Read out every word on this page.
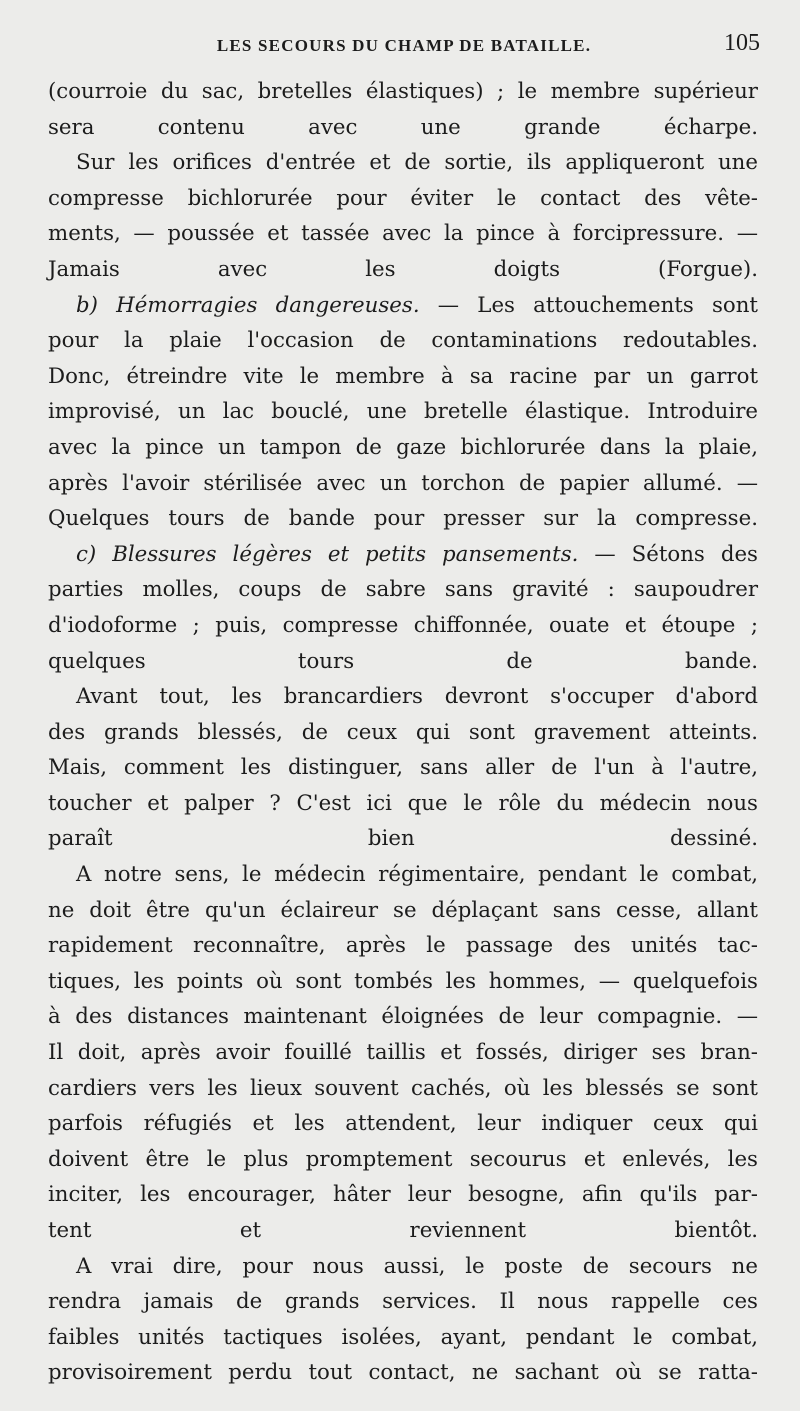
LES SECOURS DU CHAMP DE BATAILLE.	105

(courroie du sac, bretelles élastiques) ; le membre supérieur
sera contenu avec une grande écharpe.

Sur les orifices d'entrée et de sortie, ils appliqueront une
compresse bichlorurée pour éviter le contact des vête-
ments, — poussée et tassée avec la pince à forcipressure. —
Jamais avec les doigts (Forgue).

b) Hémorragies dangereuses. — Les attouchements sont
pour la plaie l'occasion de contaminations redoutables.
Donc, étreindre vite le membre à sa racine par un garrot
improvisé, un lac bouclé, une bretelle élastique. Introduire
avec la pince un tampon de gaze bichlorurée dans la plaie,
après l'avoir stérilisée avec un torchon de papier allumé. —
Quelques tours de bande pour presser sur la compresse.

c) Blessures légères et petits pansements. — Sétons des
parties molles, coups de sabre sans gravité : saupoudrer
d'iodoforme ; puis, compresse chiffonnée, ouate et étoupe ;
quelques tours de bande.

Avant tout, les brancardiers devront s'occuper d'abord
des grands blessés, de ceux qui sont gravement atteints.
Mais, comment les distinguer, sans aller de l'un à l'autre,
toucher et palper ? C'est ici que le rôle du médecin nous
paraît bien dessiné.

A notre sens, le médecin régimentaire, pendant le combat,
ne doit être qu'un éclaireur se déplaçant sans cesse, allant
rapidement reconnaître, après le passage des unités tac-
tiques, les points où sont tombés les hommes, — quelquefois
à des distances maintenant éloignées de leur compagnie. —
Il doit, après avoir fouillé taillis et fossés, diriger ses bran-
cardiers vers les lieux souvent cachés, où les blessés se sont
parfois réfugiés et les attendent, leur indiquer ceux qui
doivent être le plus promptement secourus et enlevés, les
inciter, les encourager, hâter leur besogne, afin qu'ils par-
tent et reviennent bientôt.

A vrai dire, pour nous aussi, le poste de secours ne
rendra jamais de grands services. Il nous rappelle ces
faibles unités tactiques isolées, ayant, pendant le combat,
provisoirement perdu tout contact, ne sachant où se ratta-
